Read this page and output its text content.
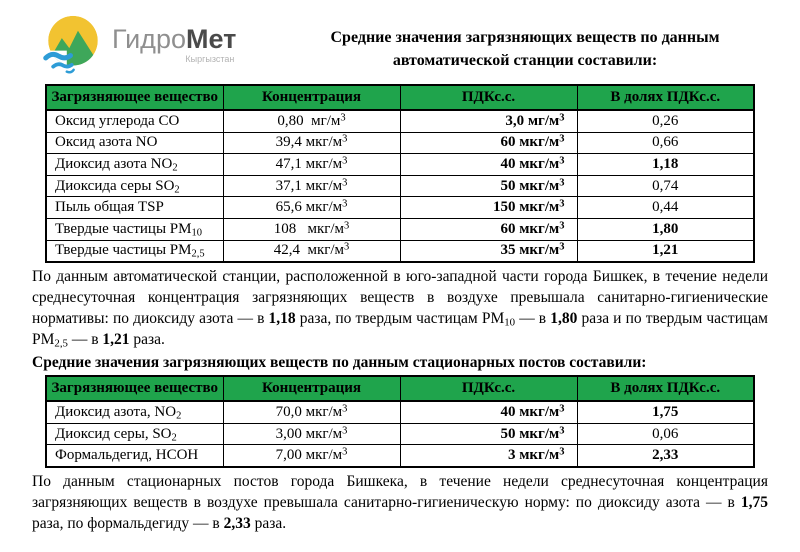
ГидроМет
Кыргызстан
Средние значения загрязняющих веществ по данным
автоматической станции составили:
Загрязняющее вещество	Концентрация	ПДКс.с.	В долях ПДКс.с.
Оксид углерода CO	0,80  $мг/м^3$	3,0 $мг/м^3$	0,26
Оксид азота NO	39,4 мкг/$м^3$	60 мкг/$м^3$	0,66
Диоксид азота $NO_2$	47,1 мкг/$м^3$	40 мкг/$м^3$	1,18
Диоксида серы $SO_2$	37,1 мкг/$м^3$	50 мкг/$м^3$	0,74
Пыль общая TSP	65,6 мкг/$м^3$	150 мкг/$м^3$	0,44
Твердые частицы $PM_{10}$	108   мкг/$м^3$	60 мкг/$м^3$	1,80
Твердые частицы $PM_{2,5}$	42,4  мкг/$м^3$	35 мкг/$м^3$	1,21

По данным автоматической станции, расположенной в юго-западной части города Бишкек, в течение недели среднесуточная концентрация загрязняющих веществ в воздухе превышала санитарно-гигиенические нормативы: по диоксиду азота — в 1,18 раза, по твердым частицам $PM_{10}$ — в 1,80 раза и по твердым частицам $PM_{2,5}$ — в 1,21 раза.

Средние значения загрязняющих веществ по данным стационарных постов составили:

Загрязняющее вещество	Концентрация	ПДКс.с.	В долях ПДКс.с.
Диоксид азота, $NO_2$	70,0 мкг/$м^3$	40 мкг/$м^3$	1,75
Диоксид серы, $SO_2$	3,00 мкг/$м^3$	50 мкг/$м^3$	0,06
Формальдегид, HCOH	7,00 мкг/$м^3$	3 мкг/$м^3$	2,33

По данным стационарных постов города Бишкека, в течение недели среднесуточная концентрация загрязняющих веществ в воздухе превышала санитарно-гигиеническую норму: по диоксиду азота — в 1,75 раза, по формальдегиду — в 2,33 раза.
